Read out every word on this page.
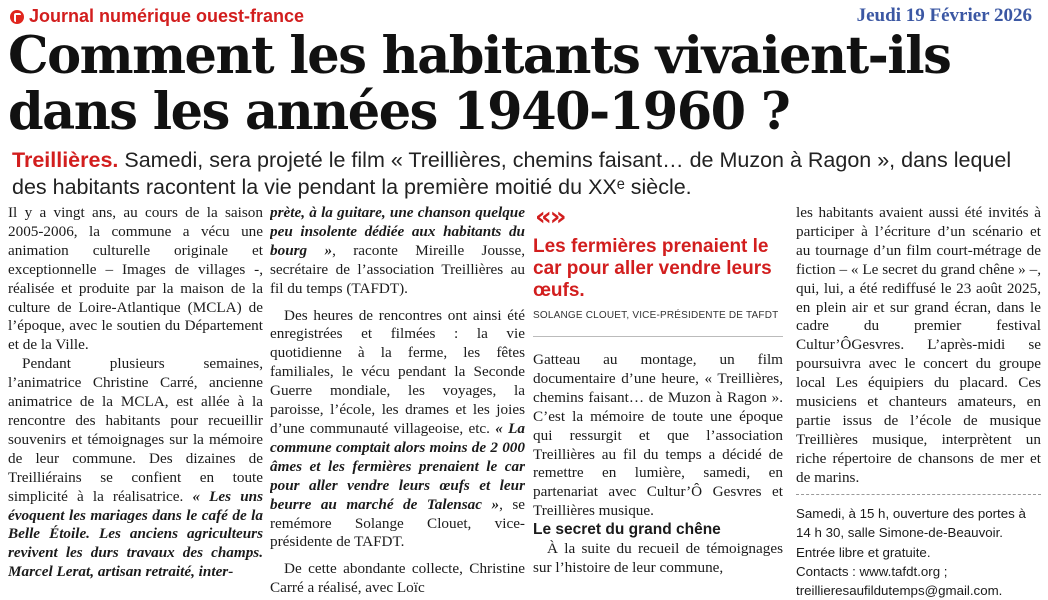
Journal numérique ouest-france	Jeudi 19 Février 2026
Comment les habitants vivaient-ils dans les années 1940-1960 ?
Treillières. Samedi, sera projeté le film « Treillières, chemins faisant… de Muzon à Ragon », dans lequel des habitants racontent la vie pendant la première moitié du XXᵉ siècle.

Il y a vingt ans, au cours de la saison 2005-2006, la commune a vécu une animation culturelle originale et exceptionnelle – Images de villages -, réalisée et produite par la maison de la culture de Loire-Atlantique (MCLA) de l’époque, avec le soutien du Département et de la Ville.

Pendant plusieurs semaines, l’animatrice Christine Carré, ancienne animatrice de la MCLA, est allée à la rencontre des habitants pour recueillir souvenirs et témoignages sur la mémoire de leur commune. Des dizaines de Treilliérains se confient en toute simplicité à la réalisatrice. « Les uns évoquent les mariages dans le café de la Belle Étoile. Les anciens agriculteurs revivent les durs travaux des champs. Marcel Lerat, artisan retraité, inter-

prète, à la guitare, une chanson quelque peu insolente dédiée aux habitants du bourg », raconte Mireille Jousse, secrétaire de l’association Treillières au fil du temps (TAFDT).

Des heures de rencontres ont ainsi été enregistrées et filmées : la vie quotidienne à la ferme, les fêtes familiales, le vécu pendant la Seconde Guerre mondiale, les voyages, la paroisse, l’école, les drames et les joies d’une communauté villageoise, etc. « La commune comptait alors moins de 2 000 âmes et les fermières prenaient le car pour aller vendre leurs œufs et leur beurre au marché de Talensac », se remémore Solange Clouet, vice-présidente de TAFDT.

De cette abondante collecte, Christine Carré a réalisé, avec Loïc

«»
Les fermières prenaient le car pour aller vendre leurs œufs.
SOLANGE CLOUET, VICE-PRÉSIDENTE DE TAFDT

Gatteau au montage, un film documentaire d’une heure, « Treillières, chemins faisant… de Muzon à Ragon ». C’est la mémoire de toute une époque qui ressurgit et que l’association Treillières au fil du temps a décidé de remettre en lumière, samedi, en partenariat avec Cultur’Ô Gesvres et Treillières musique.

Le secret du grand chêne

À la suite du recueil de témoignages sur l’histoire de leur commune,

les habitants avaient aussi été invités à participer à l’écriture d’un scénario et au tournage d’un film court-métrage de fiction – « Le secret du grand chêne » –, qui, lui, a été rediffusé le 23 août 2025, en plein air et sur grand écran, dans le cadre du premier festival Cultur’ÔGesvres. L’après-midi se poursuivra avec le concert du groupe local Les équipiers du placard. Ces musiciens et chanteurs amateurs, en partie issus de l’école de musique Treillières musique, interprètent un riche répertoire de chansons de mer et de marins.

Samedi, à 15 h, ouverture des portes à 14 h 30, salle Simone-de-Beauvoir. Entrée libre et gratuite.
Contacts : www.tafdt.org ;
treillieresaufildutemps@gmail.com.
